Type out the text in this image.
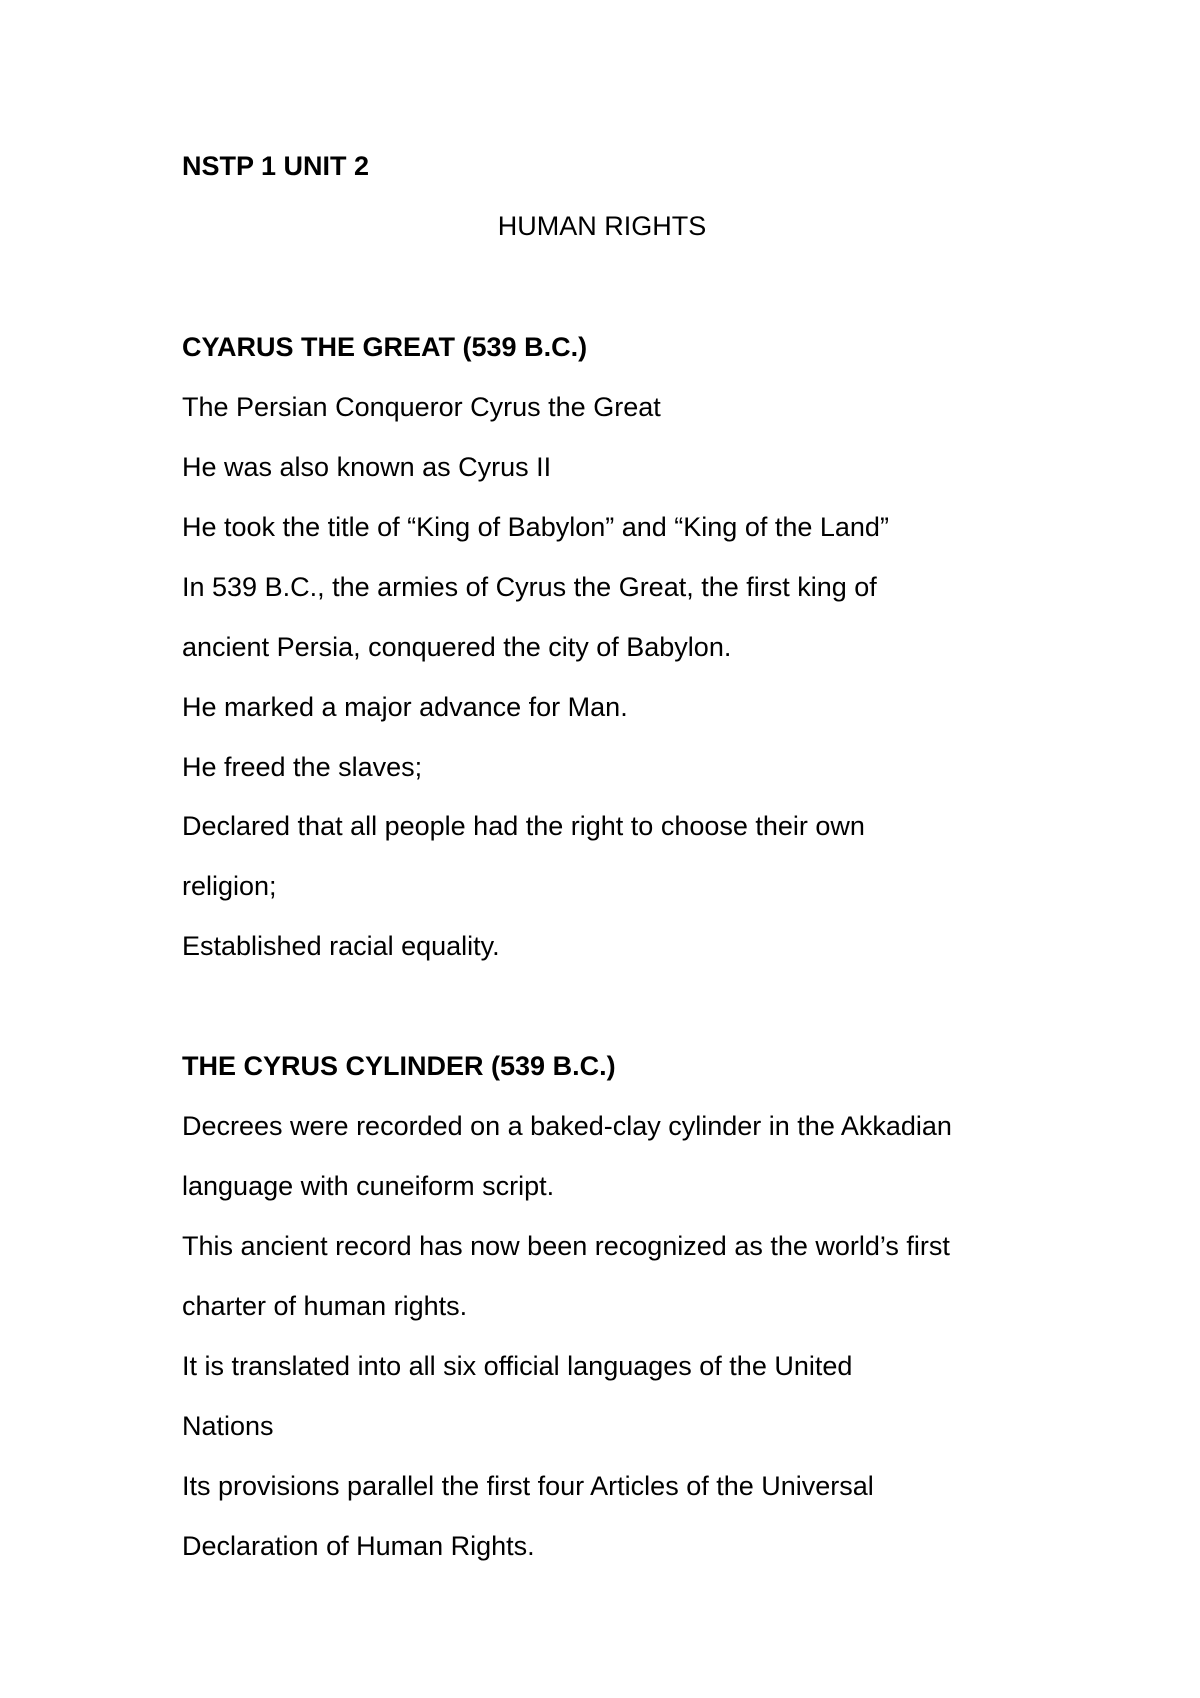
NSTP 1 UNIT 2

HUMAN RIGHTS

CYARUS THE GREAT (539 B.C.)

The Persian Conqueror Cyrus the Great

He was also known as Cyrus II

He took the title of “King of Babylon” and “King of the Land”

In 539 B.C., the armies of Cyrus the Great, the first king of

ancient Persia, conquered the city of Babylon.

He marked a major advance for Man.

He freed the slaves;

Declared that all people had the right to choose their own

religion;

Established racial equality.

THE CYRUS CYLINDER (539 B.C.)

Decrees were recorded on a baked-clay cylinder in the Akkadian

language with cuneiform script.

This ancient record has now been recognized as the world’s first

charter of human rights.

It is translated into all six official languages of the United

Nations

Its provisions parallel the first four Articles of the Universal

Declaration of Human Rights.
